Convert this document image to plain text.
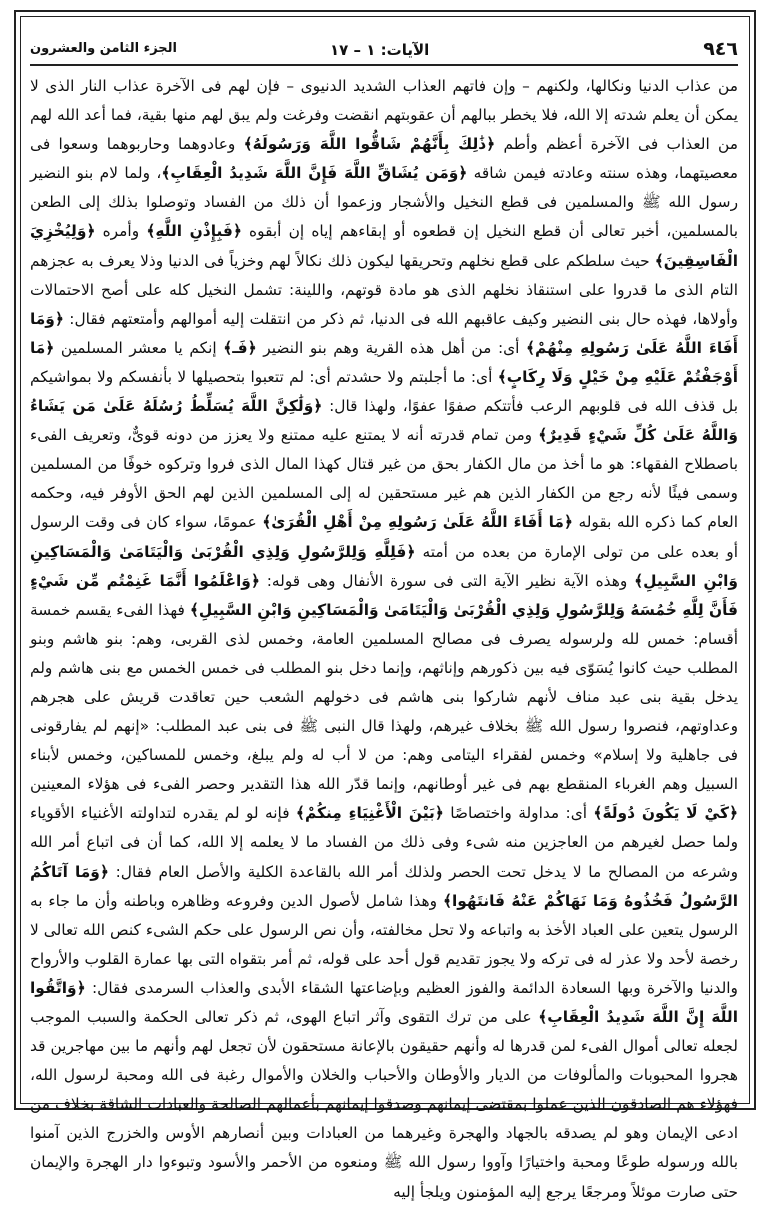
٩٤٦
الآيات: ١ – ١٧
الجزء الثامن والعشرون

من عذاب الدنيا ونكالها، ولكنهم – وإن فاتهم العذاب الشديد الدنيوى – فإن لهم فى الآخرة عذاب النار الذى لا يمكن أن يعلم شدته إلا الله، فلا يخطر ببالهم أن عقوبتهم انقضت وفرغت ولم يبق لهم منها بقية، فما أعد الله لهم من العذاب فى الآخرة أعظم وأطم ﴿ذَٰلِكَ بِأَنَّهُمْ شَاقُّوا اللَّهَ وَرَسُولَهُ﴾ وعادوهما وحاربوهما وسعوا فى معصيتهما، وهذه سنته وعادته فيمن شاقه ﴿وَمَن يُشَاقِّ اللَّهَ فَإِنَّ اللَّهَ شَدِيدُ الْعِقَابِ﴾، ولما لام بنو النضير رسول الله ﷺ والمسلمين فى قطع النخيل والأشجار وزعموا أن ذلك من الفساد وتوصلوا بذلك إلى الطعن بالمسلمين، أخبر تعالى أن قطع النخيل إن قطعوه أو إبقاءهم إياه إن أبقوه ﴿فَبِإِذْنِ اللَّهِ﴾ وأمره ﴿وَلِيُخْزِيَ الْفَاسِقِينَ﴾ حيث سلطكم على قطع نخلهم وتحريقها ليكون ذلك نكالاً لهم وخزياً فى الدنيا وذلا يعرف به عجزهم التام الذى ما قدروا على استنقاذ نخلهم الذى هو مادة قوتهم، واللينة: تشمل النخيل كله على أصح الاحتمالات وأولاها، فهذه حال بنى النضير وكيف عاقبهم الله فى الدنيا، ثم ذكر من انتقلت إليه أموالهم وأمتعتهم فقال: ﴿وَمَا أَفَاءَ اللَّهُ عَلَىٰ رَسُولِهِ مِنْهُمْ﴾ أى: من أهل هذه القرية وهم بنو النضير ﴿فَـ﴾ إنكم يا معشر المسلمين ﴿مَا أَوْجَفْتُمْ عَلَيْهِ مِنْ خَيْلٍ وَلَا رِكَابٍ﴾ أى: ما أجلبتم ولا حشدتم أى: لم تتعبوا بتحصيلها لا بأنفسكم ولا بمواشيكم بل قذف الله فى قلوبهم الرعب فأتتكم صفوًا عفوًا، ولهذا قال: ﴿وَلَٰكِنَّ اللَّهَ يُسَلِّطُ رُسُلَهُ عَلَىٰ مَن يَشَاءُ وَاللَّهُ عَلَىٰ كُلِّ شَيْءٍ قَدِيرٌ﴾ ومن تمام قدرته أنه لا يمتنع عليه ممتنع ولا يعزز من دونه قوىٌّ، وتعريف الفىء باصطلاح الفقهاء: هو ما أخذ من مال الكفار بحق من غير قتال كهذا المال الذى فروا وتركوه خوفًا من المسلمين وسمى فيئًا لأنه رجع من الكفار الذين هم غير مستحقين له إلى المسلمين الذين لهم الحق الأوفر فيه، وحكمه العام كما ذكره الله بقوله ﴿مَا أَفَاءَ اللَّهُ عَلَىٰ رَسُولِهِ مِنْ أَهْلِ الْقُرَىٰ﴾ عمومًا، سواء كان فى وقت الرسول أو بعده على من تولى الإمارة من بعده من أمته ﴿فَلِلَّهِ وَلِلرَّسُولِ وَلِذِي الْقُرْبَىٰ وَالْيَتَامَىٰ وَالْمَسَاكِينِ وَابْنِ السَّبِيلِ﴾ وهذه الآية نظير الآية التى فى سورة الأنفال وهى قوله: ﴿وَاعْلَمُوا أَنَّمَا غَنِمْتُم مِّن شَيْءٍ فَأَنَّ لِلَّهِ خُمُسَهُ وَلِلرَّسُولِ وَلِذِي الْقُرْبَىٰ وَالْيَتَامَىٰ وَالْمَسَاكِينِ وَابْنِ السَّبِيلِ﴾ فهذا الفىء يقسم خمسة أقسام: خمس لله ولرسوله يصرف فى مصالح المسلمين العامة، وخمس لذى القربى، وهم: بنو هاشم وبنو المطلب حيث كانوا يُسَوّى فيه بين ذكورهم وإناثهم، وإنما دخل بنو المطلب فى خمس الخمس مع بنى هاشم ولم يدخل بقية بنى عبد مناف لأنهم شاركوا بنى هاشم فى دخولهم الشعب حين تعاقدت قريش على هجرهم وعداوتهم، فنصروا رسول الله ﷺ بخلاف غيرهم، ولهذا قال النبى ﷺ فى بنى عبد المطلب: «إنهم لم يفارقونى فى جاهلية ولا إسلام» وخمس لفقراء اليتامى وهم: من لا أب له ولم يبلغ، وخمس للمساكين، وخمس لأبناء السبيل وهم الغرباء المنقطع بهم فى غير أوطانهم، وإنما قدّر الله هذا التقدير وحصر الفىء فى هؤلاء المعينين ﴿كَيْ لَا يَكُونَ دُولَةً﴾ أى: مداولة واختصاصًا ﴿بَيْنَ الْأَغْنِيَاءِ مِنكُمْ﴾ فإنه لو لم يقدره لتداولته الأغنياء الأقوياء ولما حصل لغيرهم من العاجزين منه شىء وفى ذلك من الفساد ما لا يعلمه إلا الله، كما أن فى اتباع أمر الله وشرعه من المصالح ما لا يدخل تحت الحصر ولذلك أمر الله بالقاعدة الكلية والأصل العام فقال: ﴿وَمَا آتَاكُمُ الرَّسُولُ فَخُذُوهُ وَمَا نَهَاكُمْ عَنْهُ فَانتَهُوا﴾ وهذا شامل لأصول الدين وفروعه وظاهره وباطنه وأن ما جاء به الرسول يتعين على العباد الأخذ به واتباعه ولا تحل مخالفته، وأن نص الرسول على حكم الشىء كنص الله تعالى لا رخصة لأحد ولا عذر له فى تركه ولا يجوز تقديم قول أحد على قوله، ثم أمر بتقواه التى بها عمارة القلوب والأرواح والدنيا والآخرة وبها السعادة الدائمة والفوز العظيم وبإضاعتها الشقاء الأبدى والعذاب السرمدى فقال: ﴿وَاتَّقُوا اللَّهَ إِنَّ اللَّهَ شَدِيدُ الْعِقَابِ﴾ على من ترك التقوى وآثر اتباع الهوى، ثم ذكر تعالى الحكمة والسبب الموجب لجعله تعالى أموال الفىء لمن قدرها له وأنهم حقيقون بالإعانة مستحقون لأن تجعل لهم وأنهم ما بين مهاجرين قد هجروا المحبوبات والمألوفات من الديار والأوطان والأحباب والخلان والأموال رغبة فى الله ومحبة لرسول الله، فهؤلاء هم الصادقون الذين عملوا بمقتضى إيمانهم وصدقوا إيمانهم بأعمالهم الصالحة والعبادات الشاقة بخلاف من ادعى الإيمان وهو لم يصدقه بالجهاد والهجرة وغيرهما من العبادات وبين أنصارهم الأوس والخزرج الذين آمنوا بالله ورسوله طوعًا ومحبة واختيارًا وآووا رسول الله ﷺ ومنعوه من الأحمر والأسود وتبوءوا دار الهجرة والإيمان حتى صارت موئلاً ومرجعًا يرجع إليه المؤمنون ويلجأ إليه
